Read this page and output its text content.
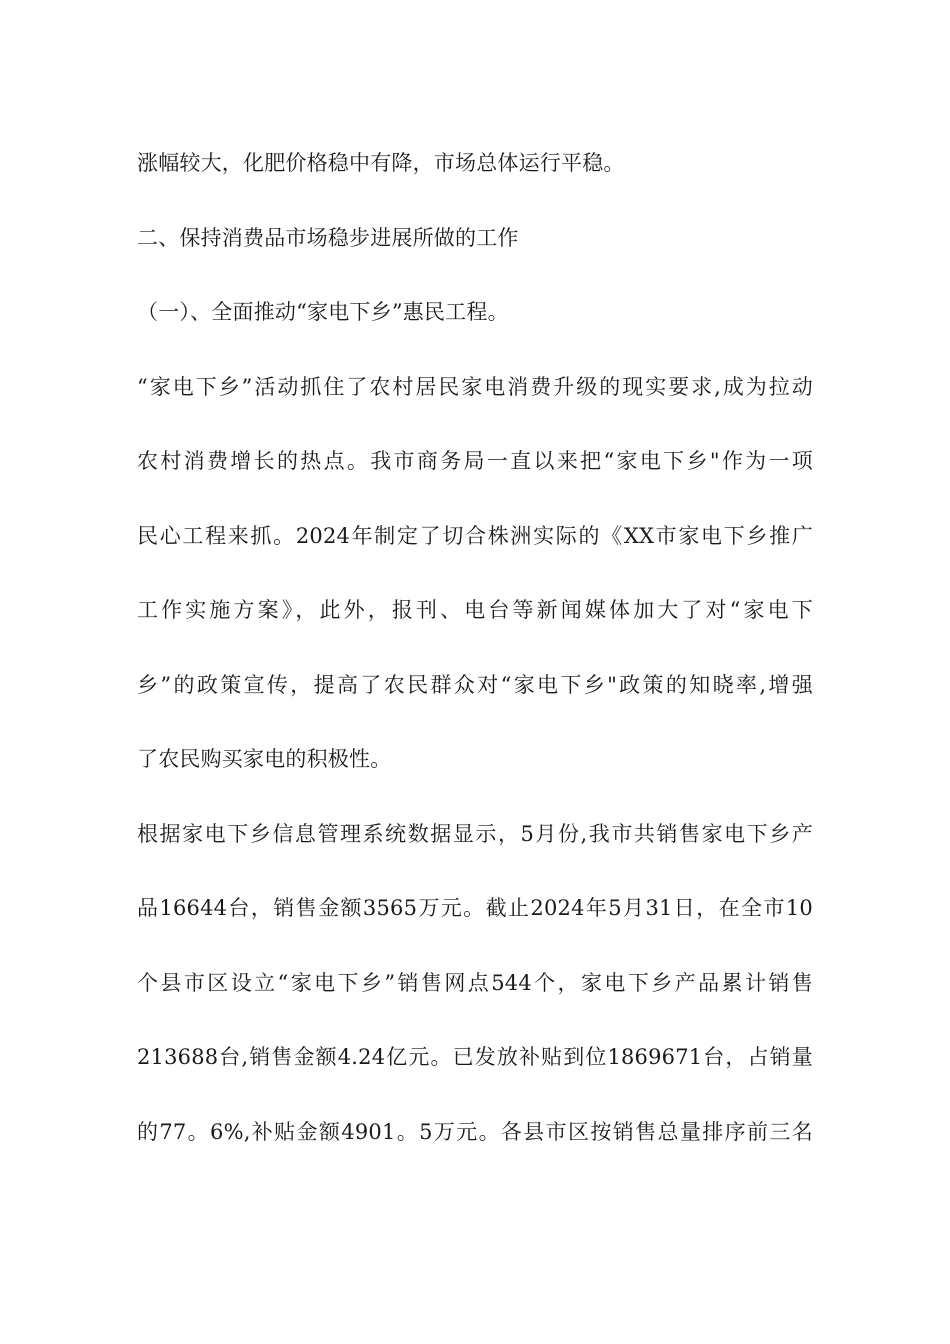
涨幅较大，化肥价格稳中有降，市场总体运行平稳。
二、保持消费品市场稳步进展所做的工作
（一）、全面推动“家电下乡”惠民工程。
“家电下乡”活动抓住了农村居民家电消费升级的现实要求,成为拉动
农村消费增长的热点。我市商务局一直以来把“家电下乡"作为一项
民心工程来抓。2024年制定了切合株洲实际的《XX市家电下乡推广
工作实施方案》，此外，报刊、电台等新闻媒体加大了对“家电下
乡”的政策宣传，提高了农民群众对“家电下乡"政策的知晓率,增强
了农民购买家电的积极性。
根据家电下乡信息管理系统数据显示，5月份,我市共销售家电下乡产
品16644台，销售金额3565万元。截止2024年5月31日，在全市10
个县市区设立“家电下乡”销售网点544个，家电下乡产品累计销售
213688台,销售金额4.24亿元。已发放补贴到位1869671台，占销量
的77。6%,补贴金额4901。5万元。各县市区按销售总量排序前三名
